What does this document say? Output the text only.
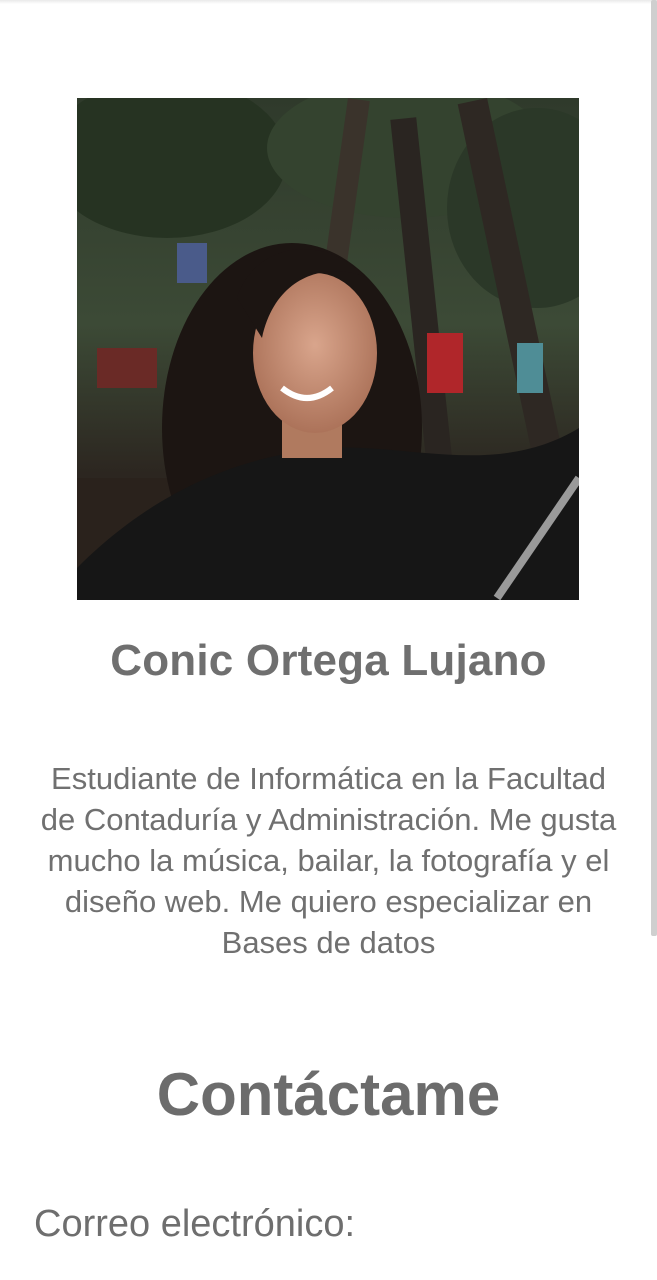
Conic Ortega Lujano

Estudiante de Informática en la Facultad de Contaduría y Administración. Me gusta mucho la música, bailar, la fotografía y el diseño web. Me quiero especializar en Bases de datos

Contáctame
Correo electrónico:
